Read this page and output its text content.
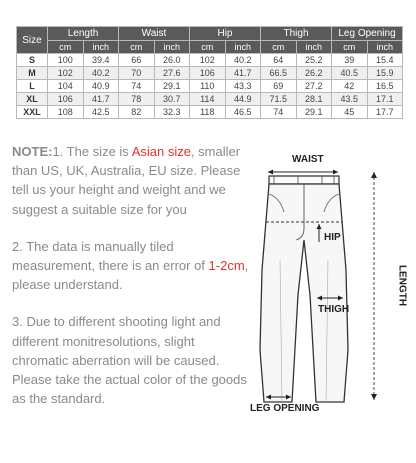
Size	Length		Waist		Hip		Thigh		Leg Opening	
	cm	inch	cm	inch	cm	inch	cm	inch	cm	inch
S	100	39.4	66	26.0	102	40.2	64	25.2	39	15.4
M	102	40.2	70	27.6	106	41.7	66.5	26.2	40.5	15.9
L	104	40.9	74	29.1	110	43.3	69	27.2	42	16.5
XL	106	41.7	78	30.7	114	44.9	71.5	28.1	43.5	17.1
XXL	108	42.5	82	32.3	118	46.5	74	29.1	45	17.7

NOTE:1. The size is Asian size, smaller than US, UK, Australia, EU size. Please tell us your height and weight and we suggest a suitable size for you

2. The data is manually tiled measurement, there is an error of 1-2cm, please understand.

3. Due to different shooting light and different monitresolutions, slight chromatic aberration will be caused. Please take the actual color of the goods as the standard.

WAIST
HIP
THIGH
LENGTH
LEG OPENING
